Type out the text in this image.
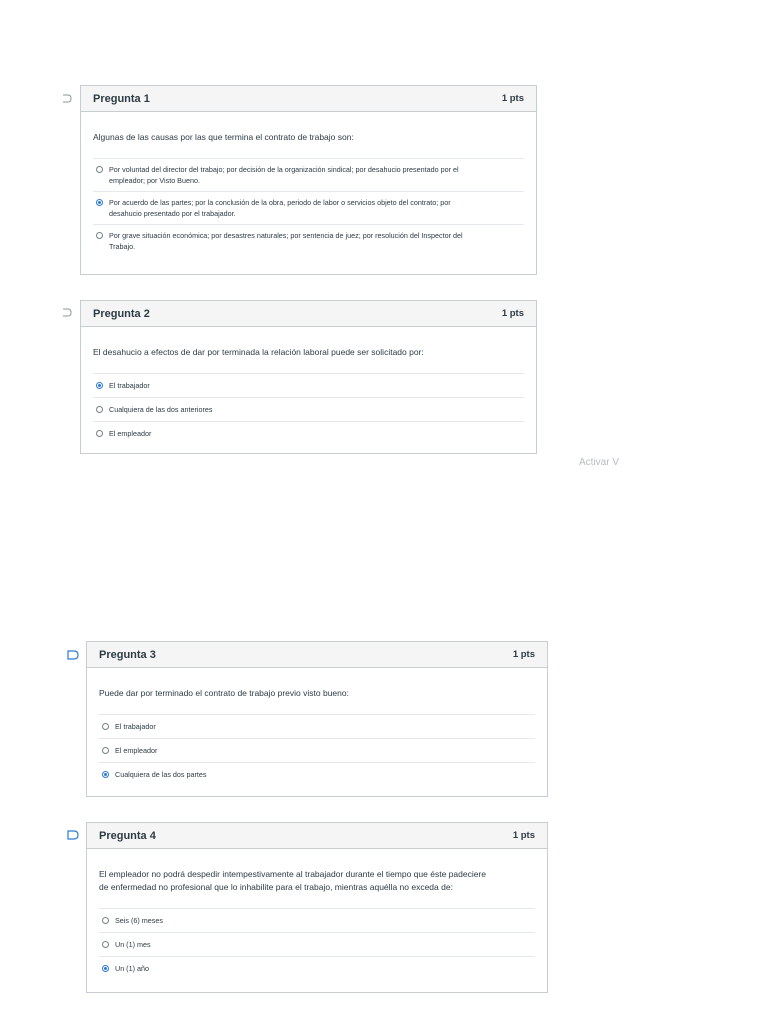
Pregunta 1	1 pts
Algunas de las causas por las que termina el contrato de trabajo son:
Por voluntad del director del trabajo; por decisión de la organización sindical; por desahucio presentado por el
empleador; por Visto Bueno.
Por acuerdo de las partes; por la conclusión de la obra, periodo de labor o servicios objeto del contrato; por
desahucio presentado por el trabajador.
Por grave situación económica; por desastres naturales; por sentencia de juez; por resolución del Inspector del
Trabajo.
Pregunta 2	1 pts
El desahucio a efectos de dar por terminada la relación laboral puede ser solicitado por:
El trabajador
Cualquiera de las dos anteriores
El empleador
Activar V
Pregunta 3	1 pts
Puede dar por terminado el contrato de trabajo previo visto bueno:
El trabajador
El empleador
Cualquiera de las dos partes
Pregunta 4	1 pts
El empleador no podrá despedir intempestivamente al trabajador durante el tiempo que éste padeciere
de enfermedad no profesional que lo inhabilite para el trabajo, mientras aquélla no exceda de:
Seis (6) meses
Un (1) mes
Un (1) año
